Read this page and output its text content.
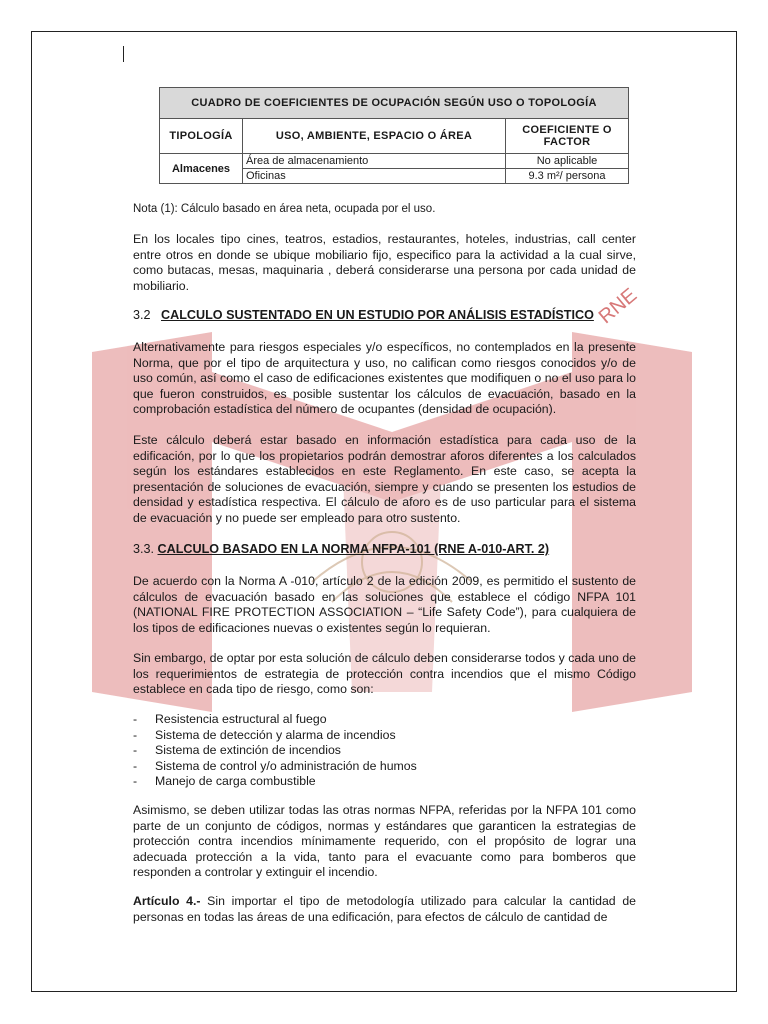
RNE
CUADRO DE COEFICIENTES DE OCUPACIÓN SEGÚN USO O TOPOLOGÍA		
TIPOLOGÍA	USO, AMBIENTE, ESPACIO O ÁREA	COEFICIENTE O FACTOR
Almacenes	Área de almacenamiento	No aplicable
	Oficinas	9.3 m²/ persona

Nota (1): Cálculo basado en área neta, ocupada por el uso.

En los locales tipo cines, teatros, estadios, restaurantes, hoteles, industrias, call center entre otros en donde se ubique mobiliario fijo, especifico para la actividad a la cual sirve, como butacas, mesas, maquinaria , deberá considerarse una persona por cada unidad de mobiliario.

3.2 CALCULO SUSTENTADO EN UN ESTUDIO POR ANÁLISIS ESTADÍSTICO

Alternativamente para riesgos especiales y/o específicos, no contemplados en la presente Norma, que por el tipo de arquitectura y uso, no califican como riesgos conocidos y/o de uso común, así como el caso de edificaciones existentes que modifiquen o no el uso para lo que fueron construidos, es posible sustentar los cálculos de evacuación, basado en la comprobación estadística del número de ocupantes (densidad de ocupación).

Este cálculo deberá estar basado en información estadística para cada uso de la edificación, por lo que los propietarios podrán demostrar aforos diferentes a los calculados según los estándares establecidos en este Reglamento. En este caso, se acepta la presentación de soluciones de evacuación, siempre y cuando se presenten los estudios de densidad y estadística respectiva. El cálculo de aforo es de uso particular para el sistema de evacuación y no puede ser empleado para otro sustento.

3.3. CALCULO BASADO EN LA NORMA NFPA-101 (RNE A-010-ART. 2)

De acuerdo con la Norma A -010, artículo 2 de la edición 2009, es permitido el sustento de cálculos de evacuación basado en las soluciones que establece el código NFPA 101 (NATIONAL FIRE PROTECTION ASSOCIATION – “Life Safety Code”), para cualquiera de los tipos de edificaciones nuevas o existentes según lo requieran.

Sin embargo, de optar por esta solución de cálculo deben considerarse todos y cada uno de los requerimientos de estrategia de protección contra incendios que el mismo Código establece en cada tipo de riesgo, como son:

- Resistencia estructural al fuego
- Sistema de detección y alarma de incendios
- Sistema de extinción de incendios
- Sistema de control y/o administración de humos
- Manejo de carga combustible

Asimismo, se deben utilizar todas las otras normas NFPA, referidas por la NFPA 101 como parte de un conjunto de códigos, normas y estándares que garanticen la estrategias de protección contra incendios mínimamente requerido, con el propósito de lograr una adecuada protección a la vida, tanto para el evacuante como para bomberos que responden a controlar y extinguir el incendio.

Artículo 4.- Sin importar el tipo de metodología utilizado para calcular la cantidad de personas en todas las áreas de una edificación, para efectos de cálculo de cantidad de
